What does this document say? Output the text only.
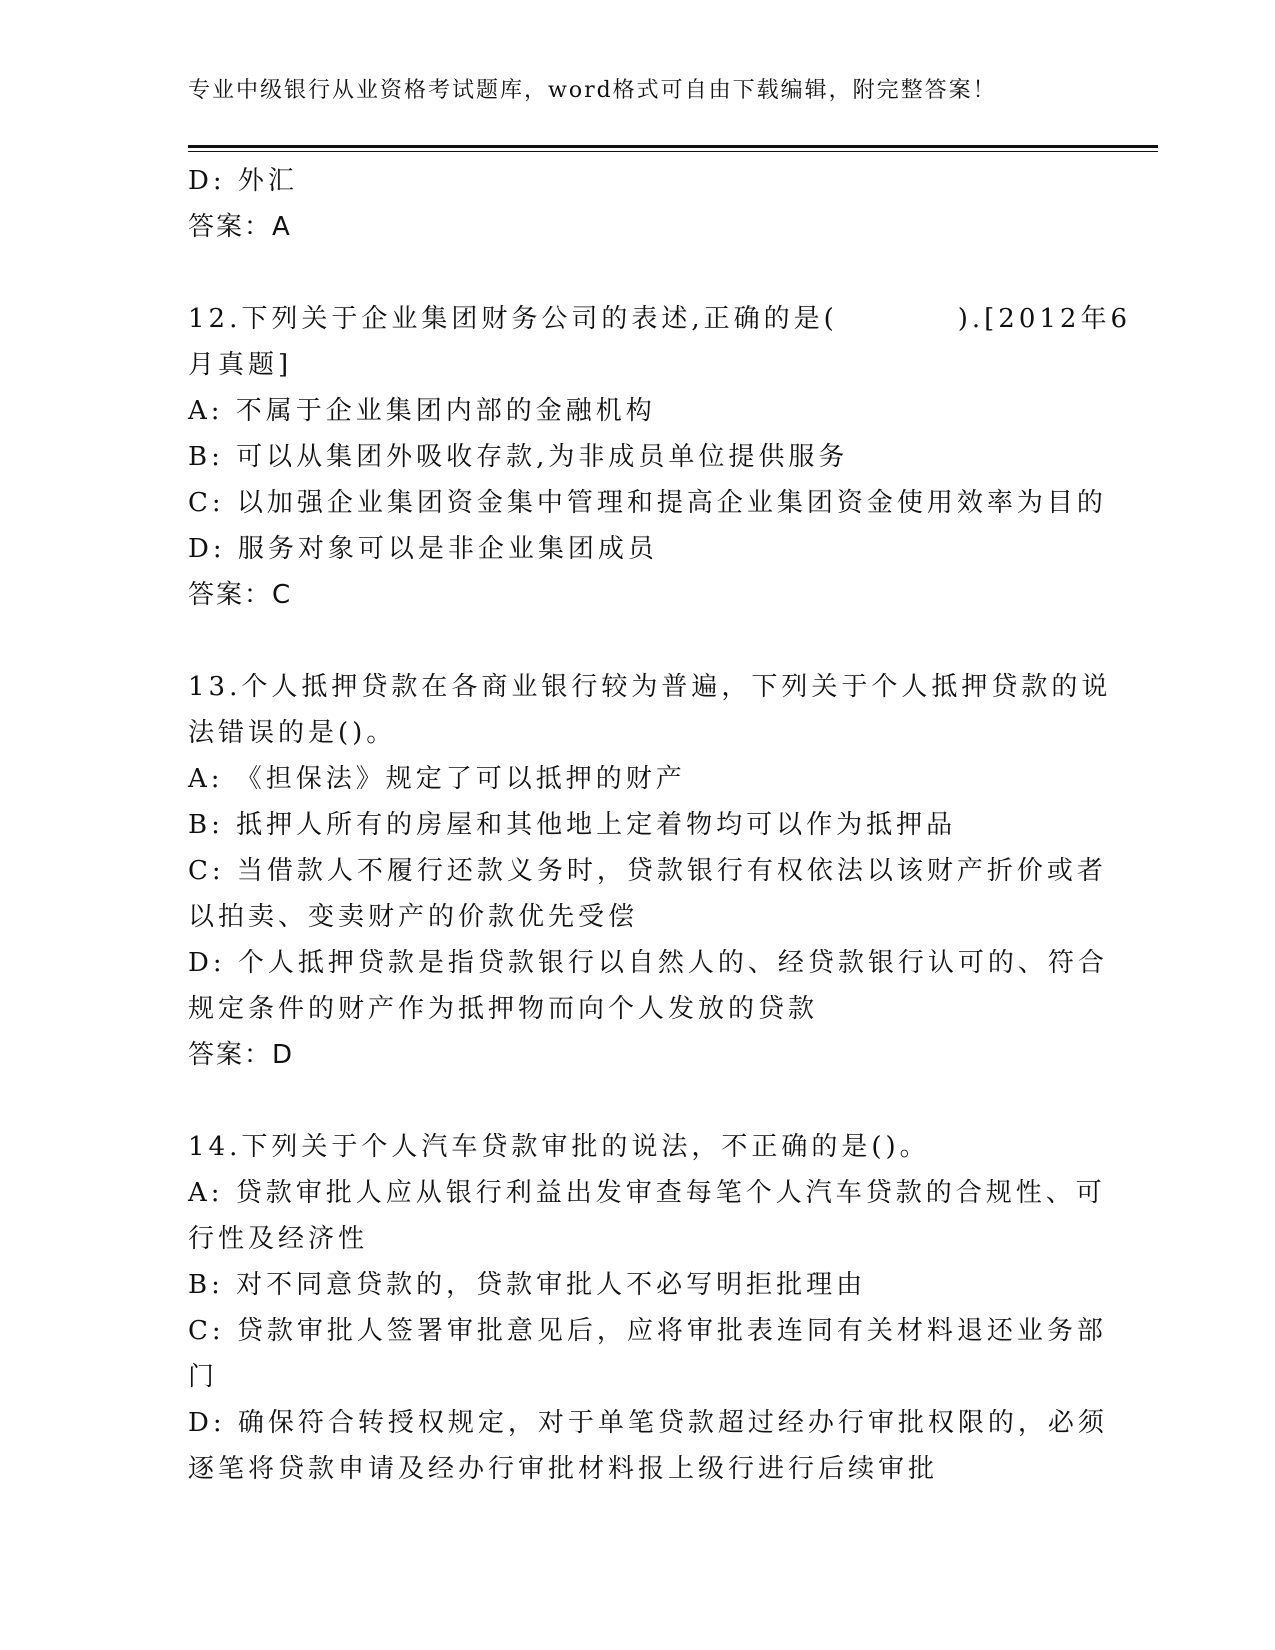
专业中级银行从业资格考试题库，word格式可自由下载编辑，附完整答案！
D: 外汇
答案：A
12.下列关于企业集团财务公司的表述,正确的是(　　　　).[2012年6
月真题]
A: 不属于企业集团内部的金融机构
B: 可以从集团外吸收存款,为非成员单位提供服务
C: 以加强企业集团资金集中管理和提高企业集团资金使用效率为目的
D: 服务对象可以是非企业集团成员
答案：C
13.个人抵押贷款在各商业银行较为普遍，下列关于个人抵押贷款的说
法错误的是()。
A: 《担保法》规定了可以抵押的财产
B: 抵押人所有的房屋和其他地上定着物均可以作为抵押品
C: 当借款人不履行还款义务时，贷款银行有权依法以该财产折价或者
以拍卖、变卖财产的价款优先受偿
D: 个人抵押贷款是指贷款银行以自然人的、经贷款银行认可的、符合
规定条件的财产作为抵押物而向个人发放的贷款
答案：D
14.下列关于个人汽车贷款审批的说法，不正确的是()。
A: 贷款审批人应从银行利益出发审查每笔个人汽车贷款的合规性、可
行性及经济性
B: 对不同意贷款的，贷款审批人不必写明拒批理由
C: 贷款审批人签署审批意见后，应将审批表连同有关材料退还业务部
门
D: 确保符合转授权规定，对于单笔贷款超过经办行审批权限的，必须
逐笔将贷款申请及经办行审批材料报上级行进行后续审批
